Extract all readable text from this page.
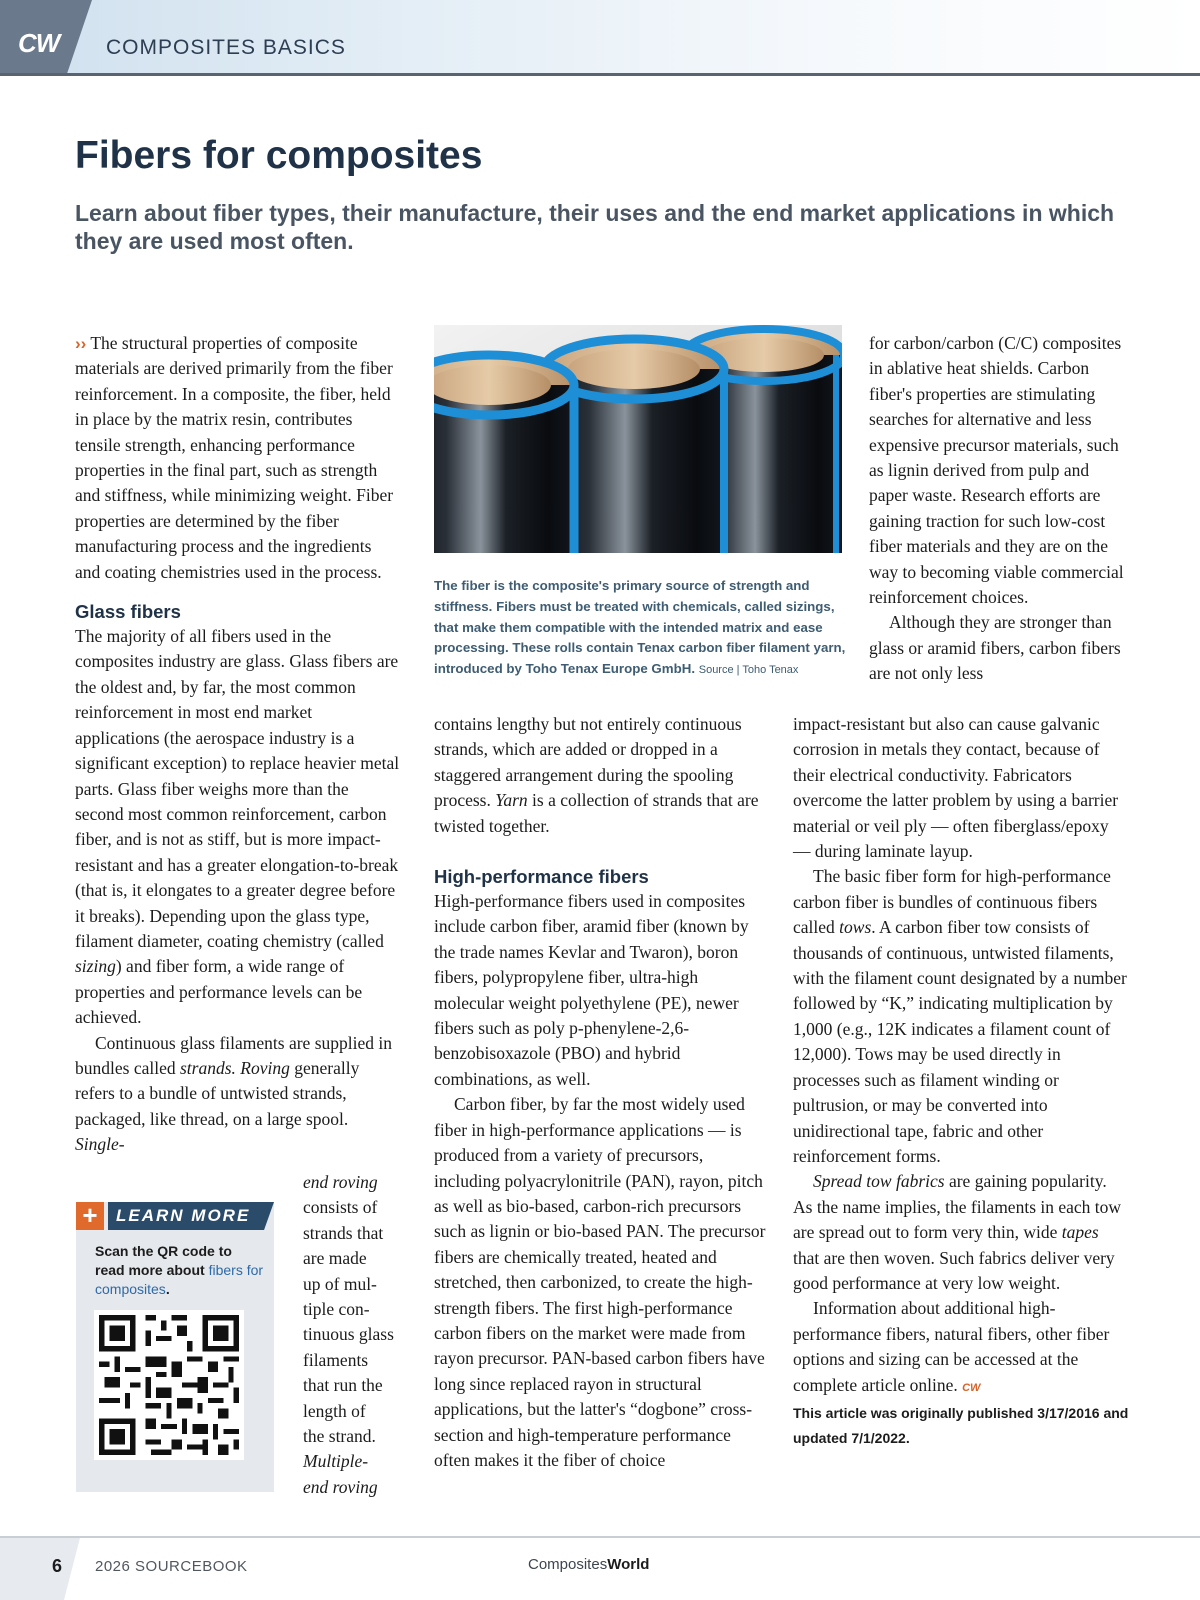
CW COMPOSITES BASICS
Fibers for composites

Learn about fiber types, their manufacture, their uses and the end market applications in which they are used most often.

›› The structural properties of composite materials are derived primarily from the fiber reinforcement. In a composite, the fiber, held in place by the matrix resin, contributes tensile strength, enhancing performance properties in the final part, such as strength and stiffness, while minimizing weight. Fiber properties are determined by the fiber manufacturing process and the ingredients and coating chemistries used in the process.

Glass fibers

The majority of all fibers used in the composites industry are glass. Glass fibers are the oldest and, by far, the most common reinforcement in most end market applications (the aerospace industry is a significant exception) to replace heavier metal parts. Glass fiber weighs more than the second most common reinforcement, carbon fiber, and is not as stiff, but is more impact-resistant and has a greater elongation-to-break (that is, it elongates to a greater degree before it breaks). Depending upon the glass type, filament diameter, coating chemistry (called sizing) and fiber form, a wide range of properties and performance levels can be achieved.

Continuous glass filaments are supplied in bundles called strands. Roving generally refers to a bundle of untwisted strands, packaged, like thread, on a large spool. Single-

end roving

consists of

strands that

are made

up of mul-

tiple con-

tinuous glass

filaments

that run the

length of

the strand.

Multiple-

end roving

+	LEARN MORE
Scan the QR code to read more about fibers for composites.
The fiber is the composite's primary source of strength and stiffness. Fibers must be treated with chemicals, called sizings, that make them compatible with the intended matrix and ease processing. These rolls contain Tenax carbon fiber filament yarn, introduced by Toho Tenax Europe GmbH. Source | Toho Tenax

contains lengthy but not entirely continuous strands, which are added or dropped in a staggered arrangement during the spooling process. Yarn is a collection of strands that are twisted together.

High-performance fibers

High-performance fibers used in composites include carbon fiber, aramid fiber (known by the trade names Kevlar and Twaron), boron fibers, polypropylene fiber, ultra-high molecular weight polyethylene (PE), newer fibers such as poly p-phenylene-2,6-benzobisoxazole (PBO) and hybrid combinations, as well.

Carbon fiber, by far the most widely used fiber in high-performance applications — is produced from a variety of precursors, including polyacrylonitrile (PAN), rayon, pitch as well as bio-based, carbon-rich precursors such as lignin or bio-based PAN. The precursor fibers are chemically treated, heated and stretched, then carbonized, to create the high-strength fibers. The first high-performance carbon fibers on the market were made from rayon precursor. PAN-based carbon fibers have long since replaced rayon in structural applications, but the latter's “dogbone” cross-section and high-temperature performance often makes it the fiber of choice

for carbon/carbon (C/C) composites in ablative heat shields. Carbon fiber's properties are stimulating searches for alternative and less expensive precursor materials, such as lignin derived from pulp and paper waste. Research efforts are gaining traction for such low-cost fiber materials and they are on the way to becoming viable commercial reinforcement choices.

Although they are stronger than glass or aramid fibers, carbon fibers are not only less

impact-resistant but also can cause galvanic corrosion in metals they contact, because of their electrical conductivity. Fabricators overcome the latter problem by using a barrier material or veil ply — often fiberglass/epoxy — during laminate layup.

The basic fiber form for high-performance carbon fiber is bundles of continuous fibers called tows. A carbon fiber tow consists of thousands of continuous, untwisted filaments, with the filament count designated by a number followed by “K,” indicating multiplication by 1,000 (e.g., 12K indicates a filament count of 12,000). Tows may be used directly in processes such as filament winding or pultrusion, or may be converted into unidirectional tape, fabric and other reinforcement forms.

Spread tow fabrics are gaining popularity. As the name implies, the filaments in each tow are spread out to form very thin, wide tapes that are then woven. Such fabrics deliver very good performance at very low weight.

Information about additional high-performance fibers, natural fibers, other fiber options and sizing can be accessed at the complete article online. CW

This article was originally published 3/17/2016 and updated 7/1/2022.

6 2026 SOURCEBOOK	CompositesWorld
